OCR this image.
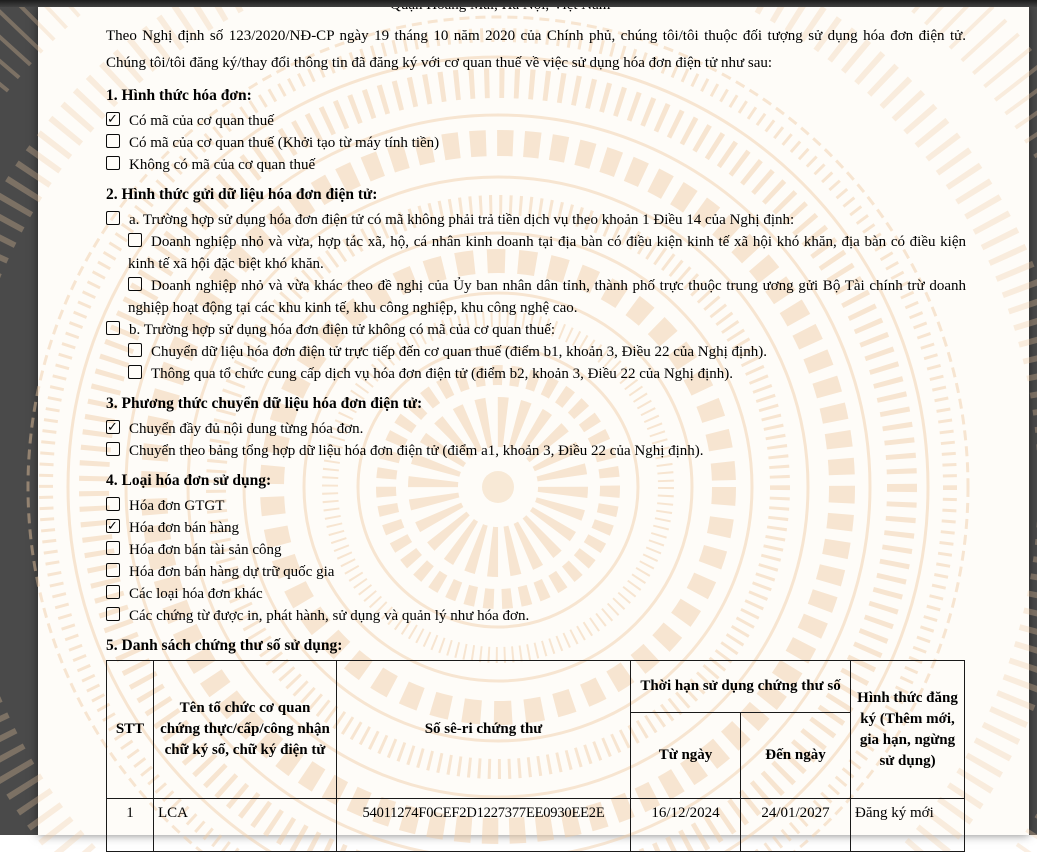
Theo Nghị định số 123/2020/NĐ-CP ngày 19 tháng 10 năm 2020 của Chính phủ, chúng tôi/tôi thuộc đối tượng sử dụng hóa đơn điện tử. Chúng tôi/tôi đăng ký/thay đổi thông tin đã đăng ký với cơ quan thuế về việc sử dụng hóa đơn điện tử như sau:

1. Hình thức hóa đơn:
✓Có mã của cơ quan thuế
Có mã của cơ quan thuế (Khởi tạo từ máy tính tiền)
Không có mã của cơ quan thuế
2. Hình thức gửi dữ liệu hóa đơn điện tử:
a. Trường hợp sử dụng hóa đơn điện tử có mã không phải trả tiền dịch vụ theo khoản 1 Điều 14 của Nghị định:
Doanh nghiệp nhỏ và vừa, hợp tác xã, hộ, cá nhân kinh doanh tại địa bàn có điều kiện kinh tế xã hội khó khăn, địa bàn có điều kiện kinh tế xã hội đặc biệt khó khăn.
Doanh nghiệp nhỏ và vừa khác theo đề nghị của Ủy ban nhân dân tỉnh, thành phố trực thuộc trung ương gửi Bộ Tài chính trừ doanh nghiệp hoạt động tại các khu kinh tế, khu công nghiệp, khu công nghệ cao.
b. Trường hợp sử dụng hóa đơn điện tử không có mã của cơ quan thuế:
Chuyển dữ liệu hóa đơn điện tử trực tiếp đến cơ quan thuế (điểm b1, khoản 3, Điều 22 của Nghị định).
Thông qua tổ chức cung cấp dịch vụ hóa đơn điện tử (điểm b2, khoản 3, Điều 22 của Nghị định).
3. Phương thức chuyển dữ liệu hóa đơn điện tử:
✓Chuyển đầy đủ nội dung từng hóa đơn.
Chuyển theo bảng tổng hợp dữ liệu hóa đơn điện tử (điểm a1, khoản 3, Điều 22 của Nghị định).
4. Loại hóa đơn sử dụng:
Hóa đơn GTGT
✓Hóa đơn bán hàng
Hóa đơn bán tài sản công
Hóa đơn bán hàng dự trữ quốc gia
Các loại hóa đơn khác
Các chứng từ được in, phát hành, sử dụng và quản lý như hóa đơn.
5. Danh sách chứng thư số sử dụng:
STT	Tên tổ chức cơ quan chứng thực/cấp/công nhận chữ ký số, chữ ký điện tử	Số sê-ri chứng thư	Thời hạn sử dụng chứng thư số		Hình thức đăng ký (Thêm mới, gia hạn, ngừng sử dụng)
			Từ ngày	Đến ngày	
1	LCA	54011274F0CEF2D1227377EE0930EE2E	16/12/2024	24/01/2027	Đăng ký mới
